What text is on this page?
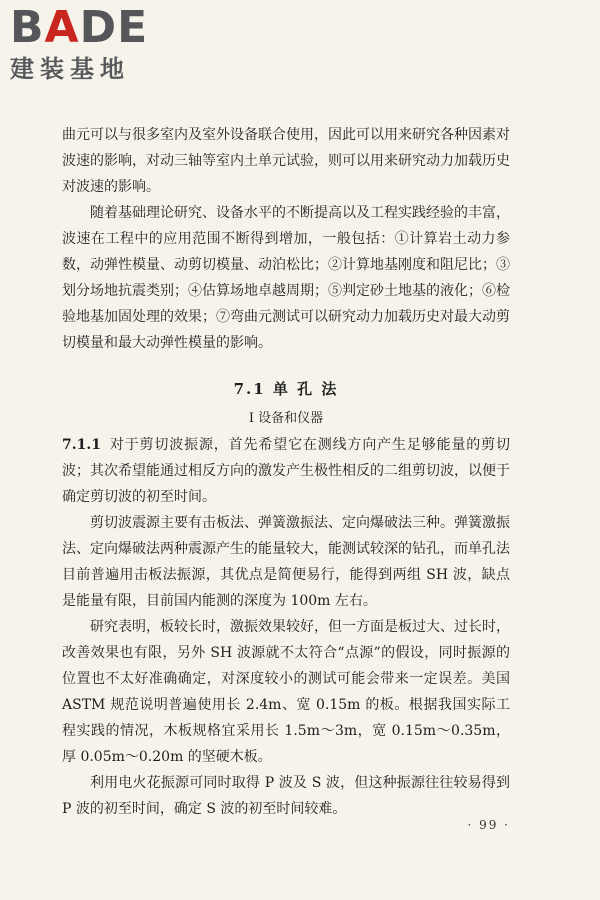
BADE
建装基地

曲元可以与很多室内及室外设备联合使用，因此可以用来研究各种因素对波速的影响，对动三轴等室内土单元试验，则可以用来研究动力加载历史对波速的影响。

随着基础理论研究、设备水平的不断提高以及工程实践经验的丰富，波速在工程中的应用范围不断得到增加，一般包括：①计算岩土动力参数，动弹性模量、动剪切模量、动泊松比；②计算地基刚度和阻尼比；③划分场地抗震类别；④估算场地卓越周期；⑤判定砂土地基的液化；⑥检验地基加固处理的效果；⑦弯曲元测试可以研究动力加载历史对最大动剪切模量和最大动弹性模量的影响。

7.1 单 孔 法
Ⅰ 设备和仪器

7.1.1 对于剪切波振源，首先希望它在测线方向产生足够能量的剪切波；其次希望能通过相反方向的激发产生极性相反的二组剪切波，以便于确定剪切波的初至时间。

剪切波震源主要有击板法、弹簧激振法、定向爆破法三种。弹簧激振法、定向爆破法两种震源产生的能量较大，能测试较深的钻孔，而单孔法目前普遍用击板法振源，其优点是简便易行，能得到两组 SH 波，缺点是能量有限，目前国内能测的深度为 100m 左右。

研究表明，板较长时，激振效果较好，但一方面是板过大、过长时，改善效果也有限，另外 SH 波源就不太符合“点源”的假设，同时振源的位置也不太好准确确定，对深度较小的测试可能会带来一定误差。美国 ASTM 规范说明普遍使用长 2.4m、宽 0.15m 的板。根据我国实际工程实践的情况，木板规格宜采用长 1.5m～3m，宽 0.15m～0.35m，厚 0.05m～0.20m 的坚硬木板。

利用电火花振源可同时取得 P 波及 S 波，但这种振源往往较易得到 P 波的初至时间，确定 S 波的初至时间较难。

· 99 ·
